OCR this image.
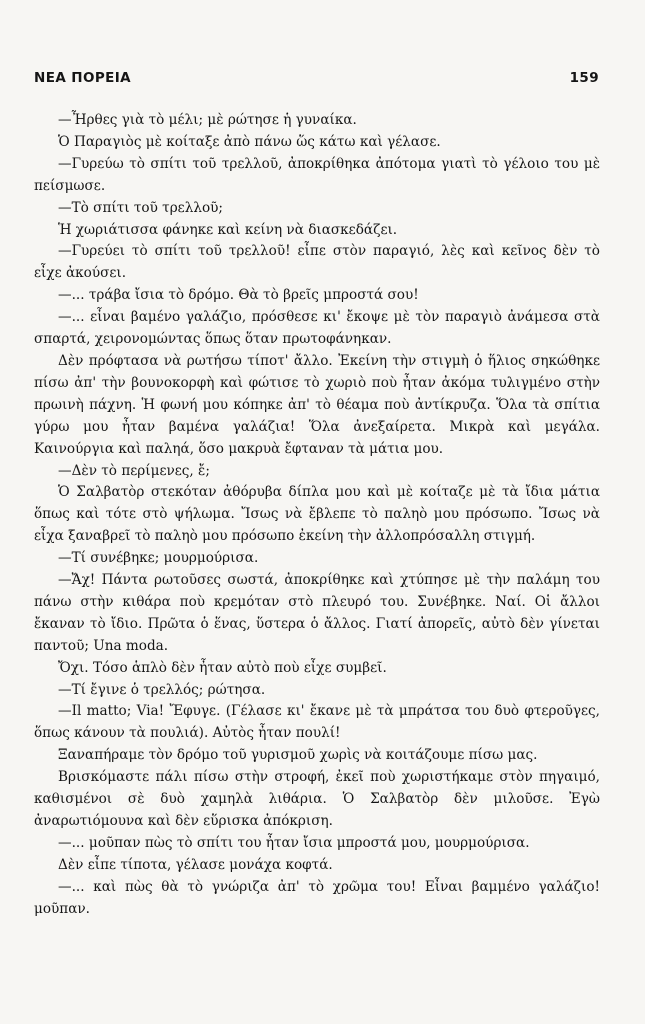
ΝΕΑ ΠΟΡΕΙΑ	159

—Ἦρθες γιὰ τὸ μέλι; μὲ ρώτησε ἡ γυναίκα.

Ὁ Παραγιὸς μὲ κοίταξε ἀπὸ πάνω ὥς κάτω καὶ γέλασε.

—Γυρεύω τὸ σπίτι τοῦ τρελλοῦ, ἀποκρίθηκα ἀπότομα γιατὶ τὸ γέλοιο του μὲ πείσμωσε.

—Τὸ σπίτι τοῦ τρελλοῦ;

Ἡ χωριάτισσα φάνηκε καὶ κείνη νὰ διασκεδάζει.

—Γυρεύει τὸ σπίτι τοῦ τρελλοῦ! εἶπε στὸν παραγιό, λὲς καὶ κεῖνος δὲν τὸ εἶχε ἀκούσει.

—... τράβα ἴσια τὸ δρόμο. Θὰ τὸ βρεῖς μπροστά σου!

—... εἶναι βαμένο γαλάζιο, πρόσθεσε κι' ἔκοψε μὲ τὸν παραγιὸ ἀνάμεσα στὰ σπαρτά, χειρονομώντας ὅπως ὅταν πρωτοφάνηκαν.

Δὲν πρόφτασα νὰ ρωτήσω τίποτ' ἄλλο. Ἐκείνη τὴν στιγμὴ ὁ ἥλιος σηκώθηκε πίσω ἀπ' τὴν βουνοκορφὴ καὶ φώτισε τὸ χωριὸ ποὺ ἦταν ἀκόμα τυλιγμένο στὴν πρωινὴ πάχνη. Ἡ φωνή μου κόπηκε ἀπ' τὸ θέαμα ποὺ ἀντίκρυζα. Ὅλα τὰ σπίτια γύρω μου ἦταν βαμένα γαλάζια! Ὅλα ἀνεξαίρετα. Μικρὰ καὶ μεγάλα. Καινούργια καὶ παληά, ὅσο μακρυὰ ἔφταναν τὰ μάτια μου.

—Δὲν τὸ περίμενες, ἔ;

Ὁ Σαλβατὸρ στεκόταν ἀθόρυβα δίπλα μου καὶ μὲ κοίταζε μὲ τὰ ἴδια μάτια ὅπως καὶ τότε στὸ ψήλωμα. Ἴσως νὰ ἔβλεπε τὸ παληὸ μου πρόσωπο. Ἴσως νὰ εἶχα ξαναβρεῖ τὸ παληὸ μου πρόσωπο ἐκείνη τὴν ἀλλοπρόσαλλη στιγμή.

—Τί συνέβηκε; μουρμούρισα.

—Ἄχ! Πάντα ρωτοῦσες σωστά, ἀποκρίθηκε καὶ χτύπησε μὲ τὴν παλάμη του πάνω στὴν κιθάρα ποὺ κρεμόταν στὸ πλευρό του. Συνέβηκε. Ναί. Οἱ ἄλλοι ἔκαναν τὸ ἴδιο. Πρῶτα ὁ ἕνας, ὕστερα ὁ ἄλλος. Γιατί ἀπορεῖς, αὐτὸ δὲν γίνεται παντοῦ; Una moda.

Ὄχι. Τόσο ἁπλὸ δὲν ἦταν αὐτὸ ποὺ εἶχε συμβεῖ.

—Τί ἔγινε ὁ τρελλός; ρώτησα.

—Il matto; Via! Ἔφυγε. (Γέλασε κι' ἔκανε μὲ τὰ μπράτσα του δυὸ φτεροῦγες, ὅπως κάνουν τὰ πουλιά). Αὐτὸς ἦταν πουλί!

Ξαναπήραμε τὸν δρόμο τοῦ γυρισμοῦ χωρὶς νὰ κοιτάζουμε πίσω μας.

Βρισκόμαστε πάλι πίσω στὴν στροφή, ἐκεῖ ποὺ χωριστήκαμε στὸν πηγαιμό, καθισμένοι σὲ δυὸ χαμηλὰ λιθάρια. Ὁ Σαλβατὸρ δὲν μιλοῦσε. Ἐγὼ ἀναρωτιόμουνα καὶ δὲν εὕρισκα ἀπόκριση.

—... μοῦπαν πὼς τὸ σπίτι του ἦταν ἴσια μπροστά μου, μουρμούρισα.

Δὲν εἶπε τίποτα, γέλασε μονάχα κοφτά.

—... καὶ πὼς θὰ τὸ γνώριζα ἀπ' τὸ χρῶμα του! Εἶναι βαμμένο γαλάζιο! μοῦπαν.
